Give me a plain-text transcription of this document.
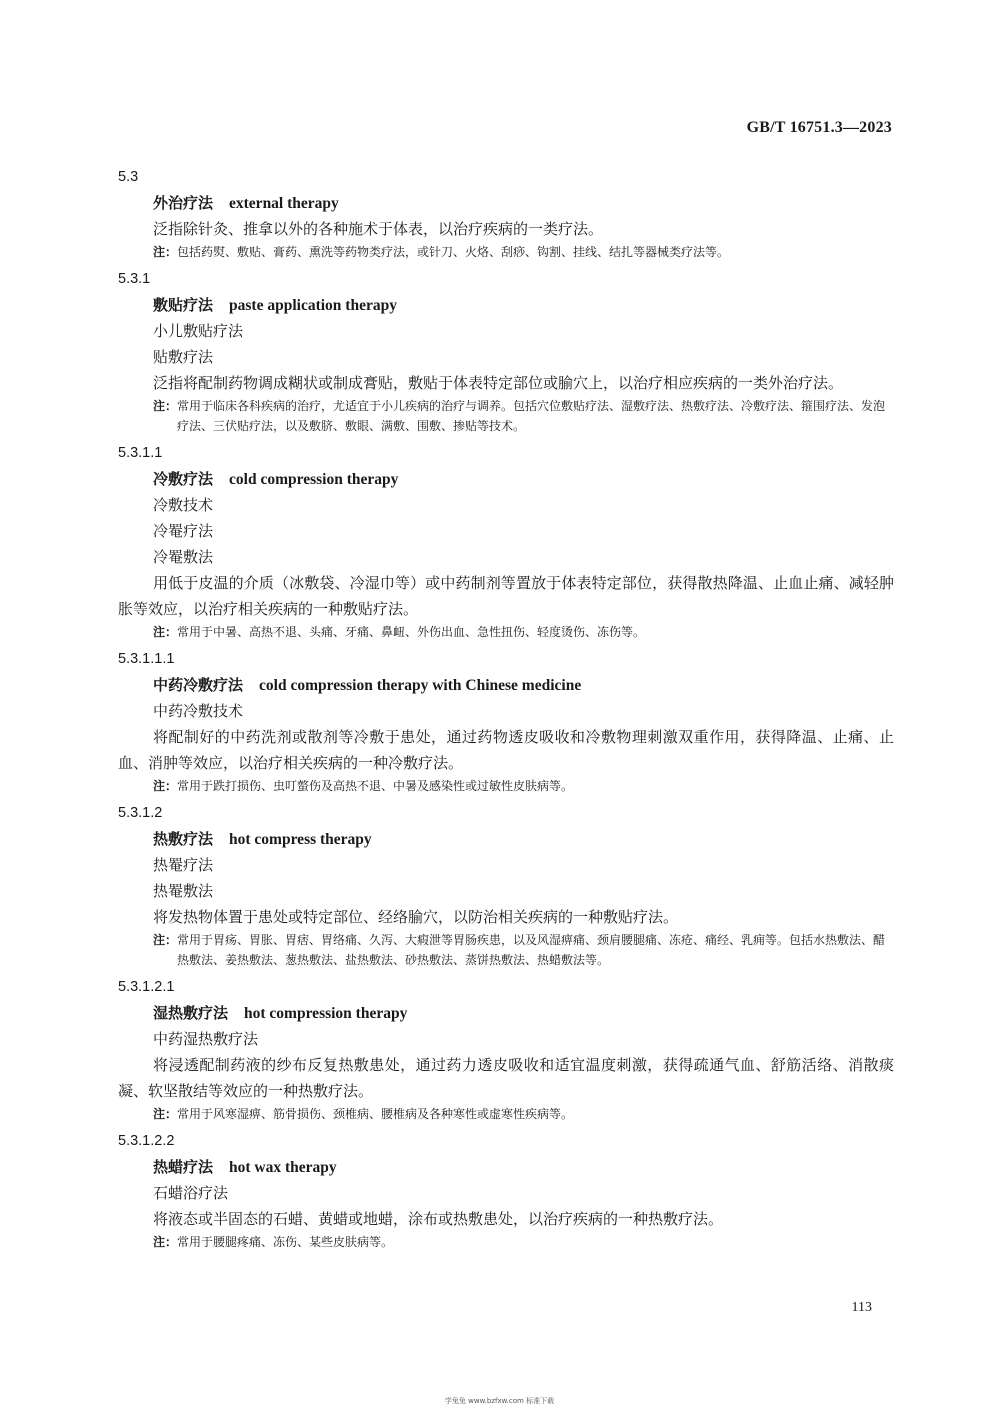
GB/T 16751.3—2023
5.3
外治疗法 external therapy
泛指除针灸、推拿以外的各种施术于体表，以治疗疾病的一类疗法。
注： 包括药熨、敷贴、膏药、熏洗等药物类疗法，或针刀、火烙、刮痧、钩割、挂线、结扎等器械类疗法等。
5.3.1
敷贴疗法 paste application therapy
小儿敷贴疗法
贴敷疗法
泛指将配制药物调成糊状或制成膏贴，敷贴于体表特定部位或腧穴上，以治疗相应疾病的一类外治疗法。
注： 常用于临床各科疾病的治疗，尤适宜于小儿疾病的治疗与调养。包括穴位敷贴疗法、湿敷疗法、热敷疗法、冷敷疗法、箍围疗法、发泡疗法、三伏贴疗法，以及敷脐、敷眼、满敷、围敷、掺贴等技术。
5.3.1.1
冷敷疗法 cold compression therapy
冷敷技术
冷罨疗法
冷罨敷法
用低于皮温的介质（冰敷袋、冷湿巾等）或中药制剂等置放于体表特定部位，获得散热降温、止血止痛、减轻肿胀等效应，以治疗相关疾病的一种敷贴疗法。
注： 常用于中暑、高热不退、头痛、牙痛、鼻衄、外伤出血、急性扭伤、轻度烫伤、冻伤等。
5.3.1.1.1
中药冷敷疗法 cold compression therapy with Chinese medicine
中药冷敷技术
将配制好的中药洗剂或散剂等冷敷于患处，通过药物透皮吸收和冷敷物理刺激双重作用，获得降温、止痛、止血、消肿等效应，以治疗相关疾病的一种冷敷疗法。
注： 常用于跌打损伤、虫叮螫伤及高热不退、中暑及感染性或过敏性皮肤病等。
5.3.1.2
热敷疗法 hot compress therapy
热罨疗法
热罨敷法
将发热物体置于患处或特定部位、经络腧穴，以防治相关疾病的一种敷贴疗法。
注： 常用于胃疡、胃胀、胃痞、胃络痛、久泻、大瘕泄等胃肠疾患，以及风湿痹痛、颈肩腰腿痛、冻疮、痛经、乳痈等。包括水热敷法、醋热敷法、姜热敷法、葱热敷法、盐热敷法、砂热敷法、蒸饼热敷法、热蜡敷法等。
5.3.1.2.1
湿热敷疗法 hot compression therapy
中药湿热敷疗法
将浸透配制药液的纱布反复热敷患处，通过药力透皮吸收和适宜温度刺激，获得疏通气血、舒筋活络、消散痰凝、软坚散结等效应的一种热敷疗法。
注： 常用于风寒湿痹、筋骨损伤、颈椎病、腰椎病及各种寒性或虚寒性疾病等。
5.3.1.2.2
热蜡疗法 hot wax therapy
石蜡浴疗法
将液态或半固态的石蜡、黄蜡或地蜡，涂布或热敷患处，以治疗疾病的一种热敷疗法。
注： 常用于腰腿疼痛、冻伤、某些皮肤病等。
113
学兔兔 www.bzfxw.com 标准下载
